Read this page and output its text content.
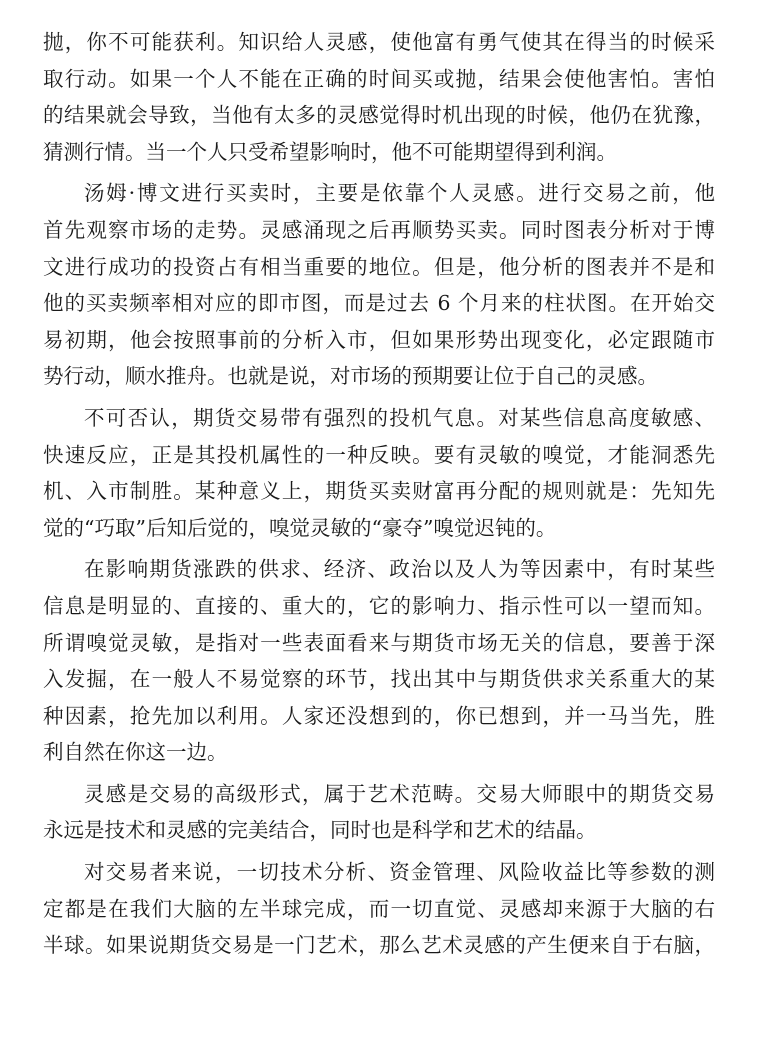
抛，你不可能获利。知识给人灵感，使他富有勇气使其在得当的时候采
取行动。如果一个人不能在正确的时间买或抛，结果会使他害怕。害怕
的结果就会导致，当他有太多的灵感觉得时机出现的时候，他仍在犹豫，
猜测行情。当一个人只受希望影响时，他不可能期望得到利润。

汤姆·博文进行买卖时，主要是依靠个人灵感。进行交易之前，他
首先观察市场的走势。灵感涌现之后再顺势买卖。同时图表分析对于博
文进行成功的投资占有相当重要的地位。但是，他分析的图表并不是和
他的买卖频率相对应的即市图，而是过去 6 个月来的柱状图。在开始交
易初期，他会按照事前的分析入市，但如果形势出现变化，必定跟随市
势行动，顺水推舟。也就是说，对市场的预期要让位于自己的灵感。

不可否认，期货交易带有强烈的投机气息。对某些信息高度敏感、
快速反应，正是其投机属性的一种反映。要有灵敏的嗅觉，才能洞悉先
机、入市制胜。某种意义上，期货买卖财富再分配的规则就是：先知先
觉的“巧取”后知后觉的，嗅觉灵敏的“豪夺”嗅觉迟钝的。

在影响期货涨跌的供求、经济、政治以及人为等因素中，有时某些
信息是明显的、直接的、重大的，它的影响力、指示性可以一望而知。
所谓嗅觉灵敏，是指对一些表面看来与期货市场无关的信息，要善于深
入发掘，在一般人不易觉察的环节，找出其中与期货供求关系重大的某
种因素，抢先加以利用。人家还没想到的，你已想到，并一马当先，胜
利自然在你这一边。

灵感是交易的高级形式，属于艺术范畴。交易大师眼中的期货交易
永远是技术和灵感的完美结合，同时也是科学和艺术的结晶。

对交易者来说，一切技术分析、资金管理、风险收益比等参数的测
定都是在我们大脑的左半球完成，而一切直觉、灵感却来源于大脑的右
半球。如果说期货交易是一门艺术，那么艺术灵感的产生便来自于右脑，
